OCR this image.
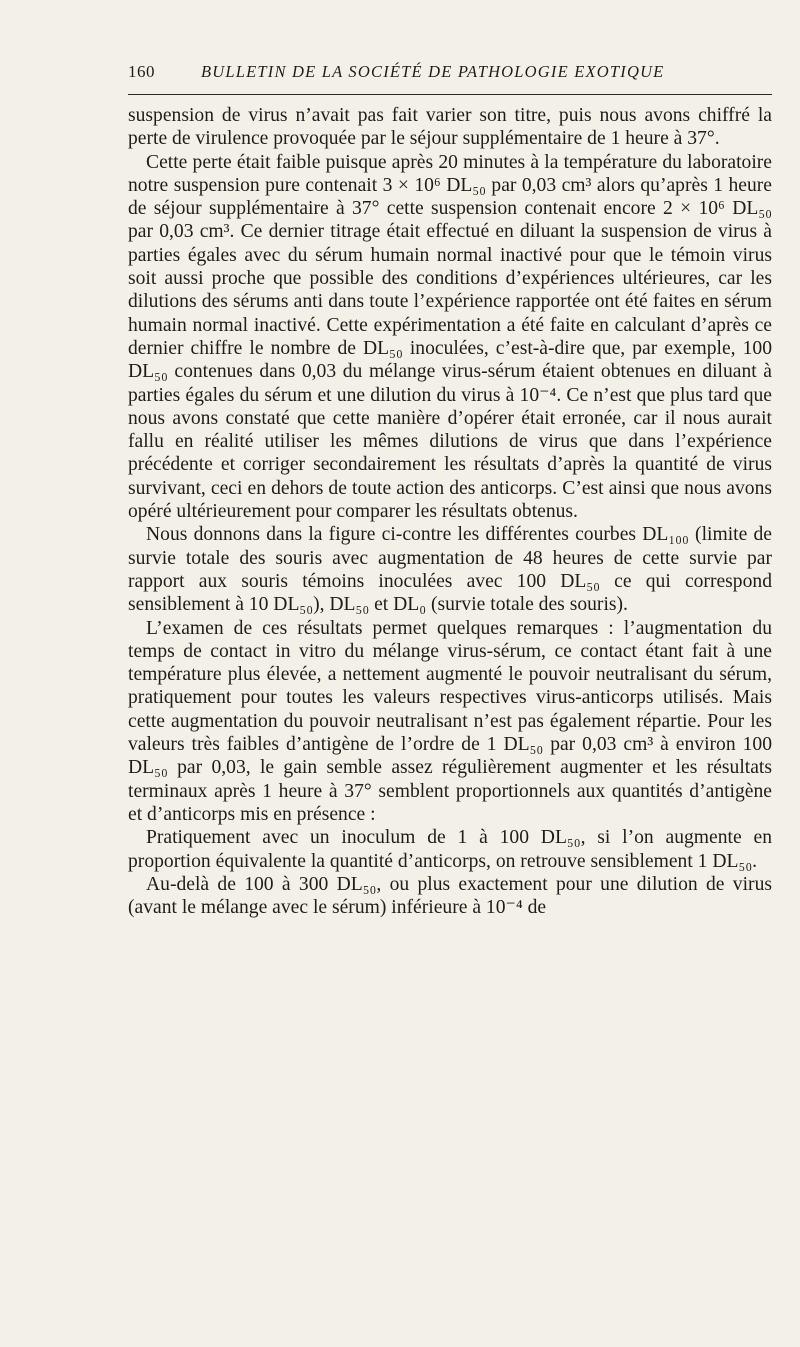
160	BULLETIN DE LA SOCIÉTÉ DE PATHOLOGIE EXOTIQUE

suspension de virus n’avait pas fait varier son titre, puis nous avons chiffré la perte de virulence provoquée par le séjour supplémentaire de 1 heure à 37°.

Cette perte était faible puisque après 20 minutes à la température du laboratoire notre suspension pure contenait 3 × 10⁶ DL₅₀ par 0,03 cm³ alors qu’après 1 heure de séjour supplémentaire à 37° cette suspension contenait encore 2 × 10⁶ DL₅₀ par 0,03 cm³. Ce dernier titrage était effectué en diluant la suspension de virus à parties égales avec du sérum humain normal inactivé pour que le témoin virus soit aussi proche que possible des conditions d’expériences ultérieures, car les dilutions des sérums anti dans toute l’expérience rapportée ont été faites en sérum humain normal inactivé. Cette expérimentation a été faite en calculant d’après ce dernier chiffre le nombre de DL₅₀ inoculées, c’est-à-dire que, par exemple, 100 DL₅₀ contenues dans 0,03 du mélange virus-sérum étaient obtenues en diluant à parties égales du sérum et une dilution du virus à 10⁻⁴. Ce n’est que plus tard que nous avons constaté que cette manière d’opérer était erronée, car il nous aurait fallu en réalité utiliser les mêmes dilutions de virus que dans l’expérience précédente et corriger secondairement les résultats d’après la quantité de virus survivant, ceci en dehors de toute action des anticorps. C’est ainsi que nous avons opéré ultérieurement pour comparer les résultats obtenus.

Nous donnons dans la figure ci-contre les différentes courbes DL₁₀₀ (limite de survie totale des souris avec augmentation de 48 heures de cette survie par rapport aux souris témoins inoculées avec 100 DL₅₀ ce qui correspond sensiblement à 10 DL₅₀), DL₅₀ et DL₀ (survie totale des souris).

L’examen de ces résultats permet quelques remarques : l’augmentation du temps de contact in vitro du mélange virus-sérum, ce contact étant fait à une température plus élevée, a nettement augmenté le pouvoir neutralisant du sérum, pratiquement pour toutes les valeurs respectives virus-anticorps utilisés. Mais cette augmentation du pouvoir neutralisant n’est pas également répartie. Pour les valeurs très faibles d’antigène de l’ordre de 1 DL₅₀ par 0,03 cm³ à environ 100 DL₅₀ par 0,03, le gain semble assez régulièrement augmenter et les résultats terminaux après 1 heure à 37° semblent proportionnels aux quantités d’antigène et d’anticorps mis en présence :

Pratiquement avec un inoculum de 1 à 100 DL₅₀, si l’on augmente en proportion équivalente la quantité d’anticorps, on retrouve sensiblement 1 DL₅₀.

Au-delà de 100 à 300 DL₅₀, ou plus exactement pour une dilution de virus (avant le mélange avec le sérum) inférieure à 10⁻⁴ de
